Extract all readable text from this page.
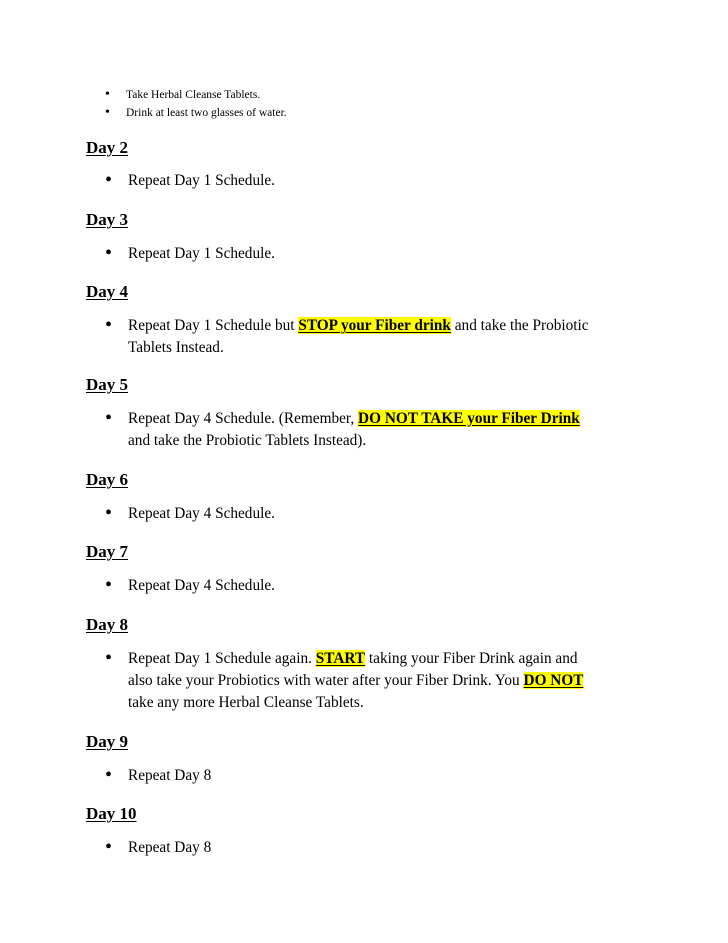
• Take Herbal Cleanse Tablets.
• Drink at least two glasses of water.
Day 2
• Repeat Day 1 Schedule.
Day 3
• Repeat Day 1 Schedule.
Day 4
• Repeat Day 1 Schedule but STOP your Fiber drink and take the Probiotic
Tablets Instead.
Day 5
• Repeat Day 4 Schedule. (Remember, DO NOT TAKE your Fiber Drink
and take the Probiotic Tablets Instead).
Day 6
• Repeat Day 4 Schedule.
Day 7
• Repeat Day 4 Schedule.
Day 8
• Repeat Day 1 Schedule again. START taking your Fiber Drink again and
also take your Probiotics with water after your Fiber Drink. You DO NOT
take any more Herbal Cleanse Tablets.
Day 9
• Repeat Day 8
Day 10
• Repeat Day 8
